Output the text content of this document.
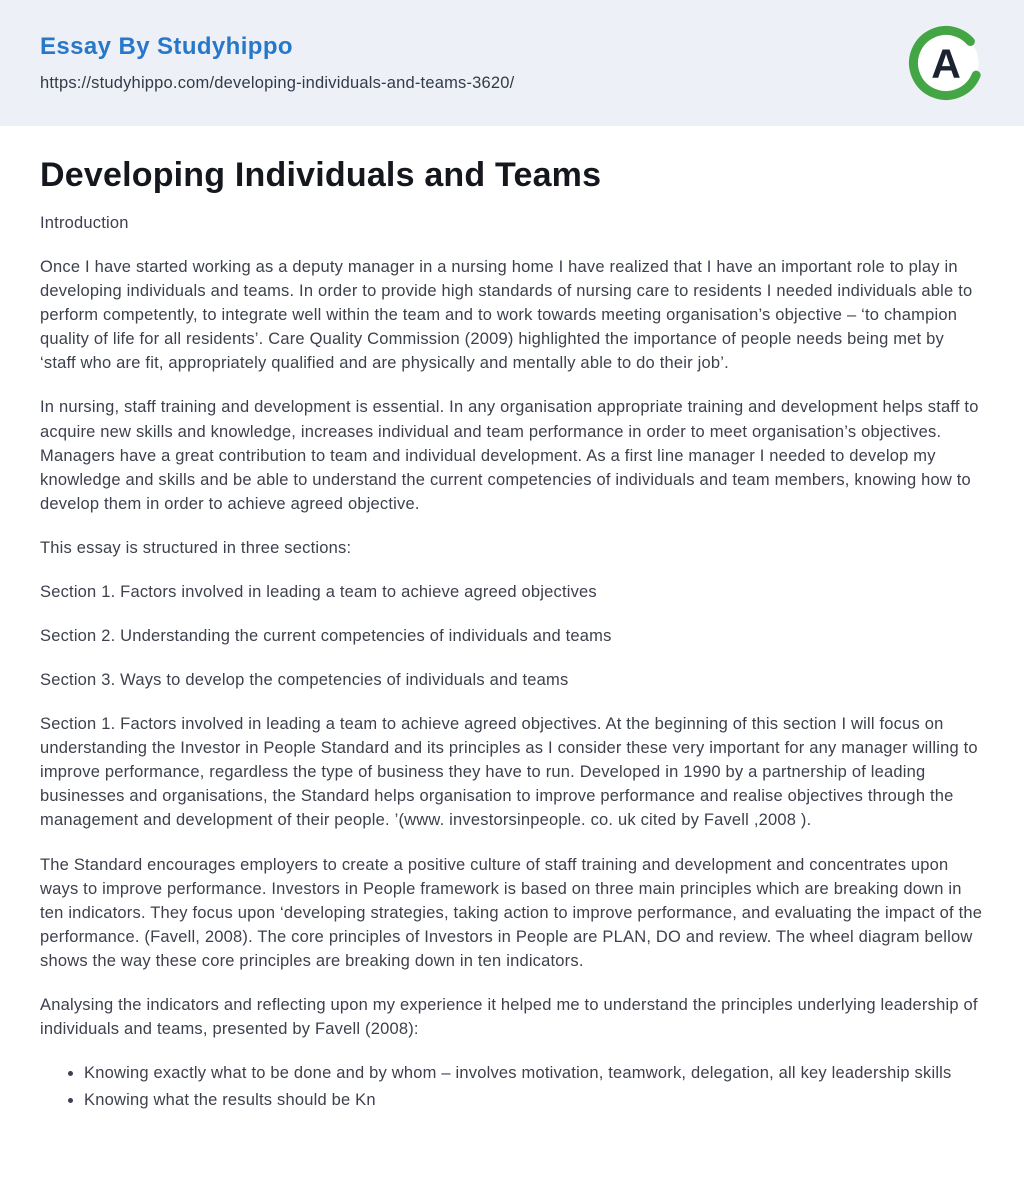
Essay By Studyhippo
https://studyhippo.com/developing-individuals-and-teams-3620/	A
Developing Individuals and Teams

Introduction

Once I have started working as a deputy manager in a nursing home I have realized that I have an important role to play in developing individuals and teams. In order to provide high standards of nursing care to residents I needed individuals able to perform competently, to integrate well within the team and to work towards meeting organisation’s objective – ‘to champion quality of life for all residents’. Care Quality Commission (2009) highlighted the importance of people needs being met by ‘staff who are fit, appropriately qualified and are physically and mentally able to do their job’.

In nursing, staff training and development is essential. In any organisation appropriate training and development helps staff to acquire new skills and knowledge, increases individual and team performance in order to meet organisation’s objectives. Managers have a great contribution to team and individual development. As a first line manager I needed to develop my knowledge and skills and be able to understand the current competencies of individuals and team members, knowing how to develop them in order to achieve agreed objective.

This essay is structured in three sections:

Section 1. Factors involved in leading a team to achieve agreed objectives

Section 2. Understanding the current competencies of individuals and teams

Section 3. Ways to develop the competencies of individuals and teams

Section 1. Factors involved in leading a team to achieve agreed objectives. At the beginning of this section I will focus on understanding the Investor in People Standard and its principles as I consider these very important for any manager willing to improve performance, regardless the type of business they have to run. Developed in 1990 by a partnership of leading businesses and organisations, the Standard helps organisation to improve performance and realise objectives through the management and development of their people. ’(www. investorsinpeople. co. uk cited by Favell ,2008 ).

The Standard encourages employers to create a positive culture of staff training and development and concentrates upon ways to improve performance. Investors in People framework is based on three main principles which are breaking down in ten indicators. They focus upon ‘developing strategies, taking action to improve performance, and evaluating the impact of the performance. (Favell, 2008). The core principles of Investors in People are PLAN, DO and review. The wheel diagram bellow shows the way these core principles are breaking down in ten indicators.

Analysing the indicators and reflecting upon my experience it helped me to understand the principles underlying leadership of individuals and teams, presented by Favell (2008):

• Knowing exactly what to be done and by whom – involves motivation, teamwork, delegation, all key leadership skills
• Knowing what the results should be Kn
